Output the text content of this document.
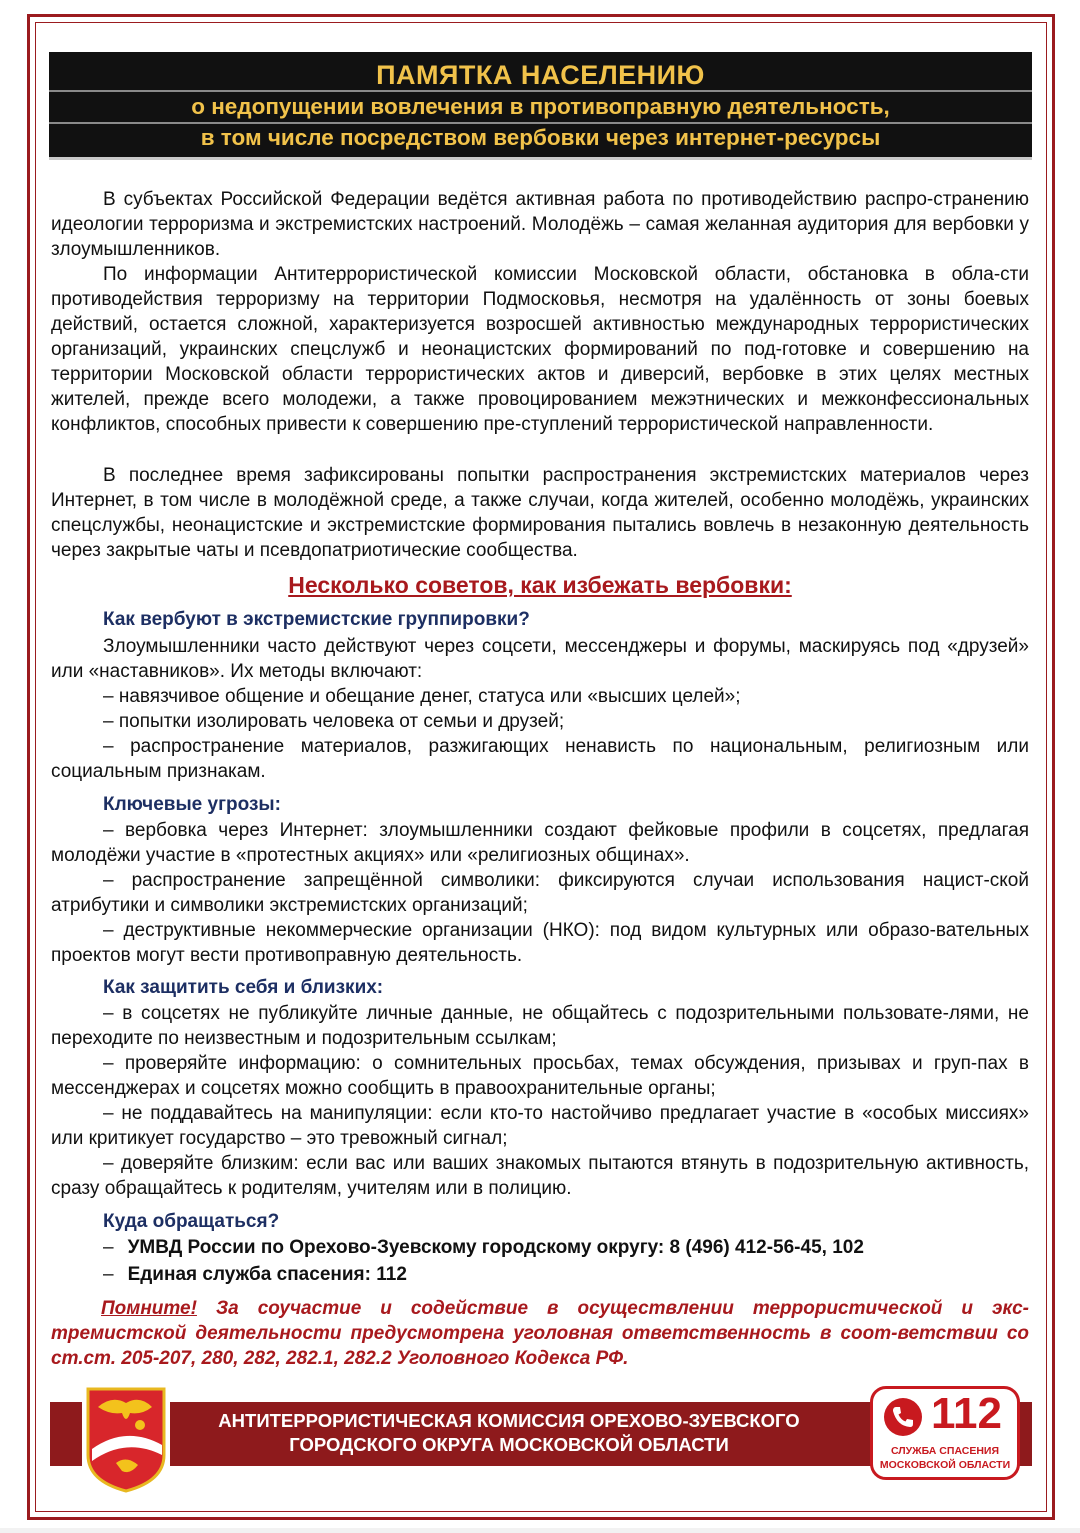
ПАМЯТКА НАСЕЛЕНИЮ
о недопущении вовлечения в противоправную деятельность,
в том числе посредством вербовки через интернет-ресурсы

В субъектах Российской Федерации ведётся активная работа по противодействию распро-странению идеологии терроризма и экстремистских настроений. Молодёжь – самая желанная аудитория для вербовки у злоумышленников.

По информации Антитеррористической комиссии Московской области, обстановка в обла-сти противодействия терроризму на территории Подмосковья, несмотря на удалённость от зоны боевых действий, остается сложной, характеризуется возросшей активностью международных террористических организаций, украинских спецслужб и неонацистских формирований по под-готовке и совершению на территории Московской области террористических актов и диверсий, вербовке в этих целях местных жителей, прежде всего молодежи, а также провоцированием межэтнических и межконфессиональных конфликтов, способных привести к совершению пре-ступлений террористической направленности.

В последнее время зафиксированы попытки распространения экстремистских материалов через Интернет, в том числе в молодёжной среде, а также случаи, когда жителей, особенно молодёжь, украинских спецслужбы, неонацистские и экстремистские формирования пытались вовлечь в незаконную деятельность через закрытые чаты и псевдопатриотические сообщества.

Несколько советов, как избежать вербовки:
Как вербуют в экстремистские группировки?

Злоумышленники часто действуют через соцсети, мессенджеры и форумы, маскируясь под «друзей» или «наставников». Их методы включают:

– навязчивое общение и обещание денег, статуса или «высших целей»;

– попытки изолировать человека от семьи и друзей;

– распространение материалов, разжигающих ненависть по национальным, религиозным или социальным признакам.

Ключевые угрозы:

– вербовка через Интернет: злоумышленники создают фейковые профили в соцсетях, предлагая молодёжи участие в «протестных акциях» или «религиозных общинах».

– распространение запрещённой символики: фиксируются случаи использования нацист-ской атрибутики и символики экстремистских организаций;

– деструктивные некоммерческие организации (НКО): под видом культурных или образо-вательных проектов могут вести противоправную деятельность.

Как защитить себя и близких:

– в соцсетях не публикуйте личные данные, не общайтесь с подозрительными пользовате-лями, не переходите по неизвестным и подозрительным ссылкам;

– проверяйте информацию: о сомнительных просьбах, темах обсуждения, призывах и груп-пах в мессенджерах и соцсетях можно сообщить в правоохранительные органы;

– не поддавайтесь на манипуляции: если кто-то настойчиво предлагает участие в «особых миссиях» или критикует государство – это тревожный сигнал;

– доверяйте близким: если вас или ваших знакомых пытаются втянуть в подозрительную активность, сразу обращайтесь к родителям, учителям или в полицию.

Куда обращаться?
– УМВД России по Орехово-Зуевскому городскому округу: 8 (496) 412-56-45, 102
– Единая служба спасения: 112

Помните! За соучастие и содействие в осуществлении террористической и экс-тремистской деятельности предусмотрена уголовная ответственность в соот-ветствии со ст.ст. 205-207, 280, 282, 282.1, 282.2 Уголовного Кодекса РФ.

АНТИТЕРРОРИСТИЧЕСКАЯ КОМИССИЯ ОРЕХОВО-ЗУЕВСКОГО
ГОРОДСКОГО ОКРУГА МОСКОВСКОЙ ОБЛАСТИ
112
СЛУЖБА СПАСЕНИЯ
МОСКОВСКОЙ ОБЛАСТИ
